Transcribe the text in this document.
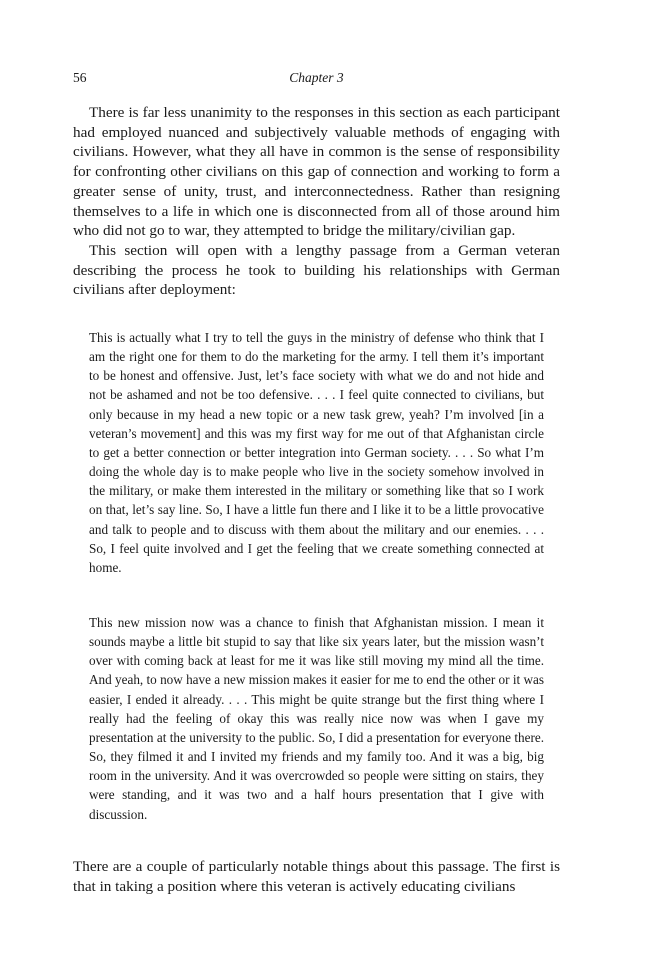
56	Chapter 3

There is far less unanimity to the responses in this section as each participant had employed nuanced and subjectively valuable methods of engaging with civilians. However, what they all have in common is the sense of responsibility for confronting other civilians on this gap of connection and working to form a greater sense of unity, trust, and interconnectedness. Rather than resigning themselves to a life in which one is disconnected from all of those around him who did not go to war, they attempted to bridge the military/civilian gap.

This section will open with a lengthy passage from a German veteran describing the process he took to building his relationships with German civilians after deployment:

This is actually what I try to tell the guys in the ministry of defense who think that I am the right one for them to do the marketing for the army. I tell them it’s important to be honest and offensive. Just, let’s face society with what we do and not hide and not be ashamed and not be too defensive. . . . I feel quite connected to civilians, but only because in my head a new topic or a new task grew, yeah? I’m involved [in a veteran’s movement] and this was my first way for me out of that Afghanistan circle to get a better connection or better integration into German society. . . . So what I’m doing the whole day is to make people who live in the society somehow involved in the military, or make them interested in the military or something like that so I work on that, let’s say line. So, I have a little fun there and I like it to be a little provocative and talk to people and to discuss with them about the military and our enemies. . . . So, I feel quite involved and I get the feeling that we create something connected at home.
This new mission now was a chance to finish that Afghanistan mission. I mean it sounds maybe a little bit stupid to say that like six years later, but the mission wasn’t over with coming back at least for me it was like still moving my mind all the time. And yeah, to now have a new mission makes it easier for me to end the other or it was easier, I ended it already. . . . This might be quite strange but the first thing where I really had the feeling of okay this was really nice now was when I gave my presentation at the university to the public. So, I did a presentation for everyone there. So, they filmed it and I invited my friends and my family too. And it was a big, big room in the university. And it was overcrowded so people were sitting on stairs, they were standing, and it was two and a half hours presentation that I give with discussion.

There are a couple of particularly notable things about this passage. The first is that in taking a position where this veteran is actively educating civilians
